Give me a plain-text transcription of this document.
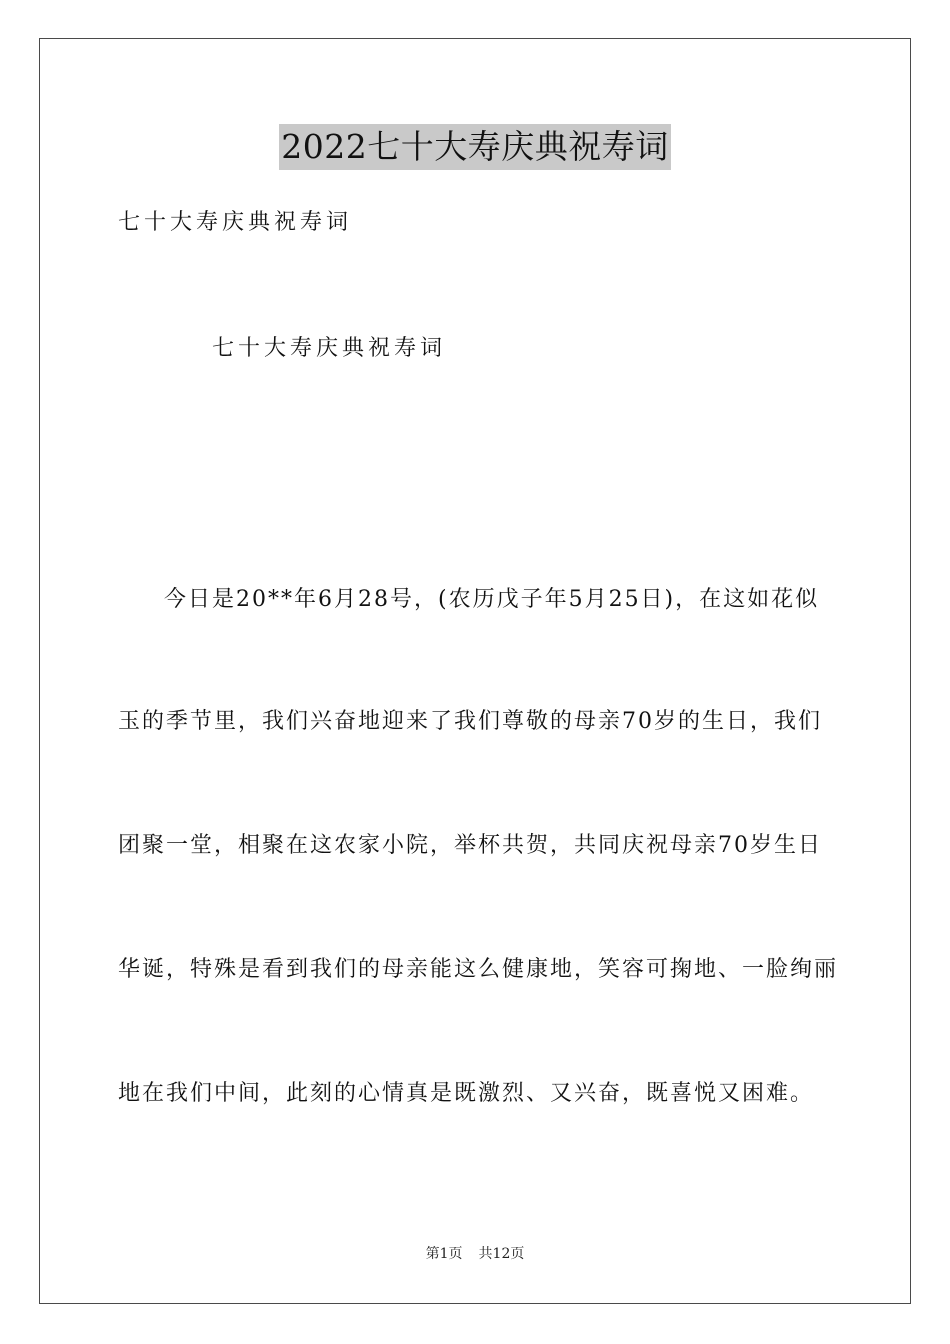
2022七十大寿庆典祝寿词
七十大寿庆典祝寿词
七十大寿庆典祝寿词
今日是20**年6月28号，(农历戊子年5月25日)，在这如花似
玉的季节里，我们兴奋地迎来了我们尊敬的母亲70岁的生日，我们
团聚一堂，相聚在这农家小院，举杯共贺，共同庆祝母亲70岁生日
华诞，特殊是看到我们的母亲能这么健康地，笑容可掬地、一脸绚丽
地在我们中间，此刻的心情真是既激烈、又兴奋，既喜悦又困难。
第1页 共12页
